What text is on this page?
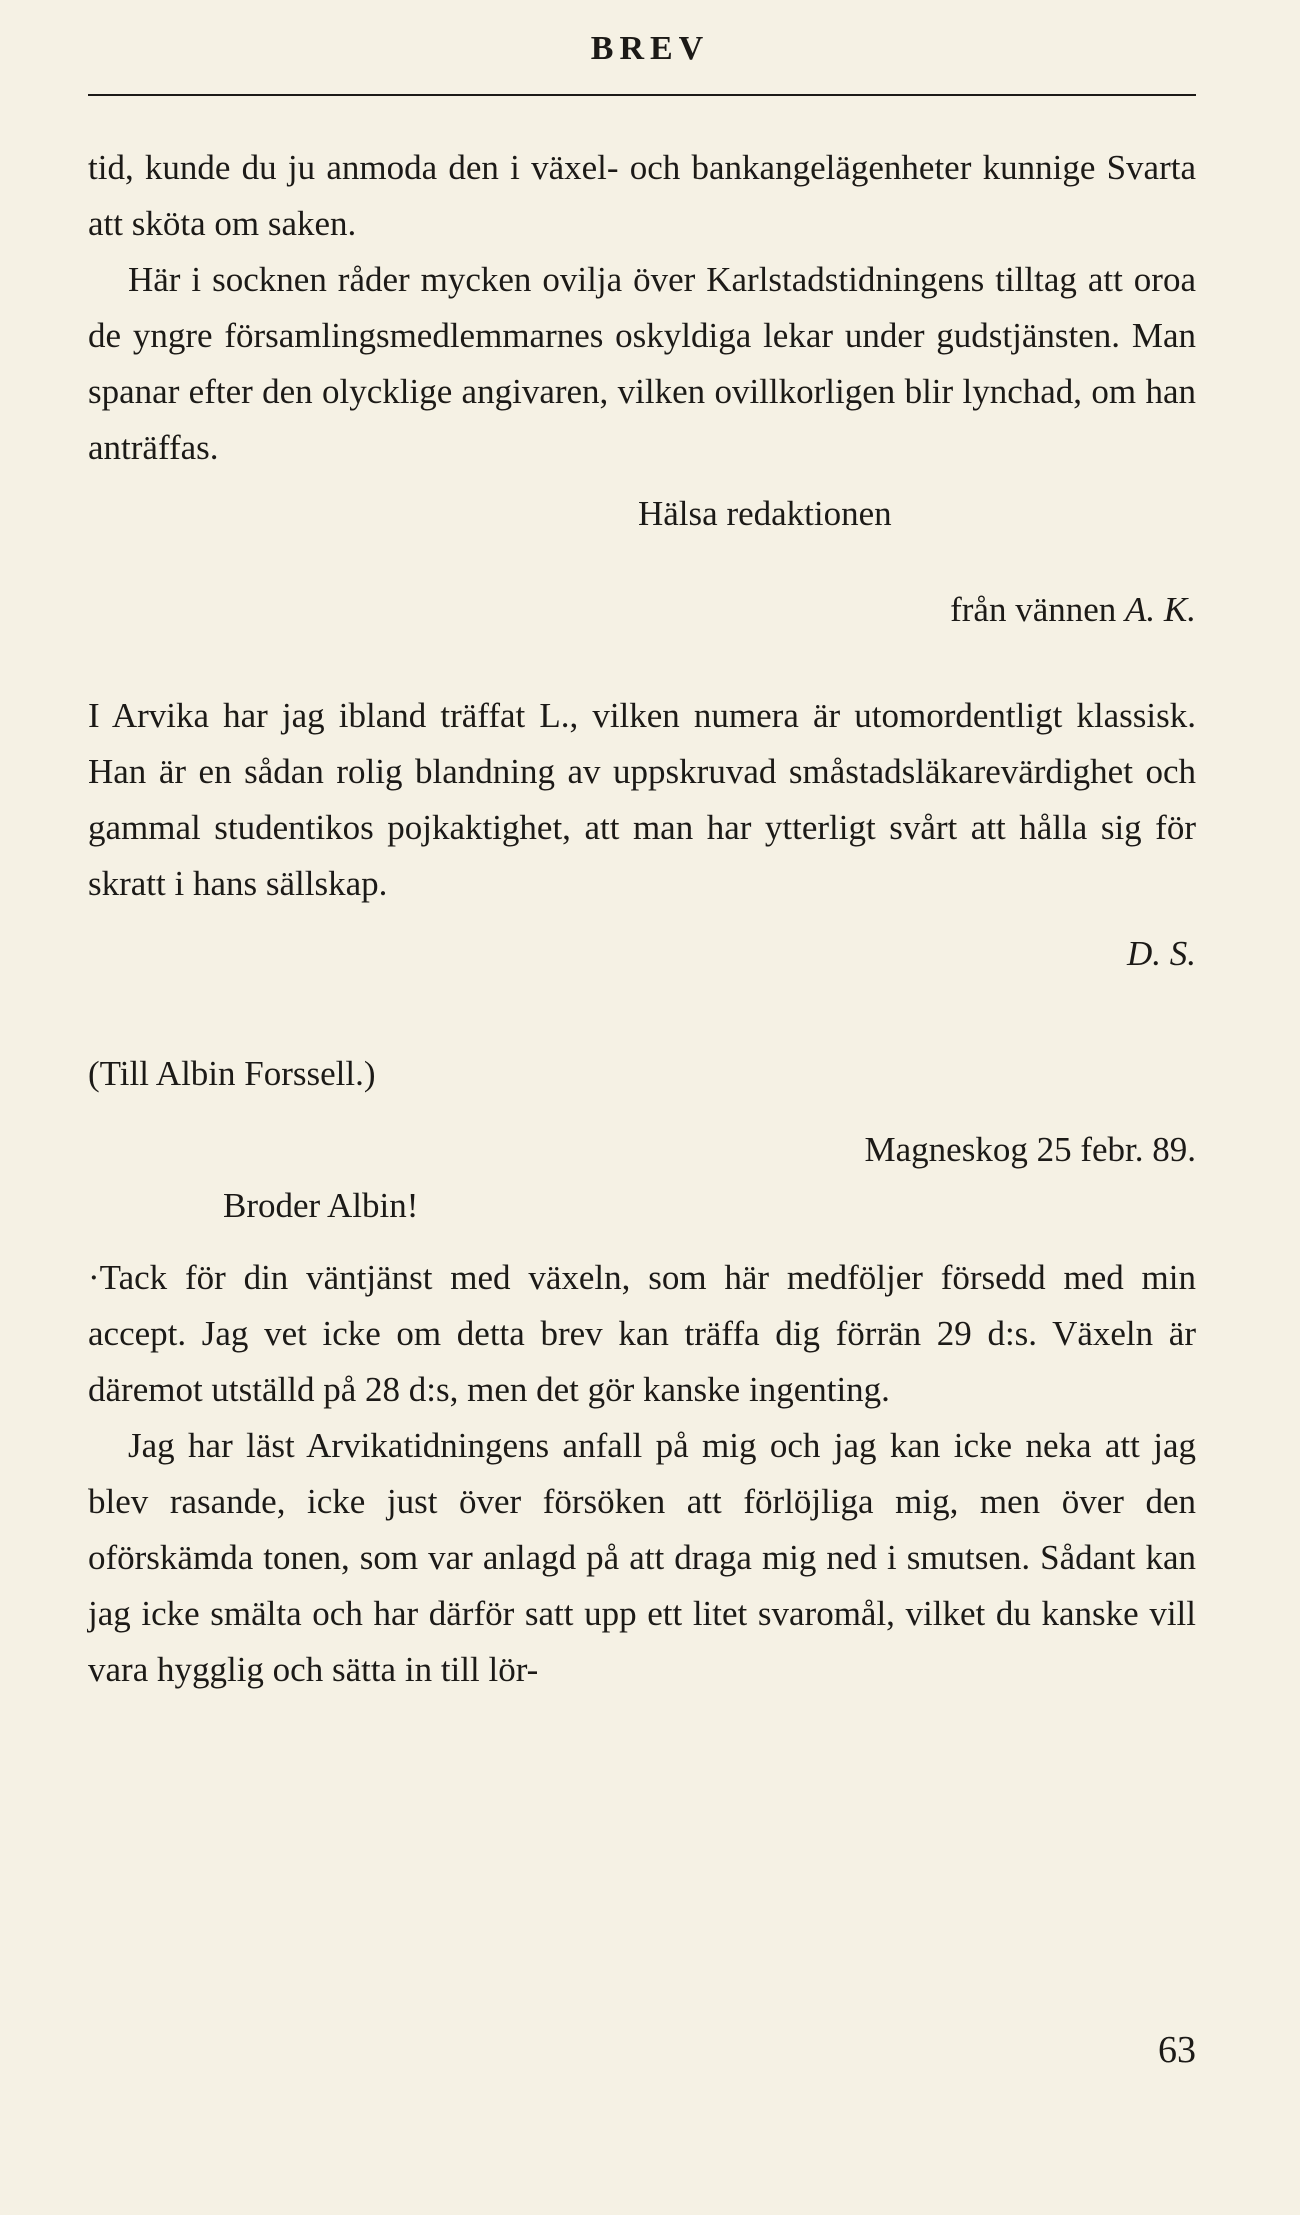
BREV

tid, kunde du ju anmoda den i växel- och bankangelägenheter kunnige Svarta att sköta om saken.

Här i socknen råder mycken ovilja över Karlstadstidningens tilltag att oroa de yngre församlingsmedlemmarnes oskyldiga lekar under gudstjänsten. Man spanar efter den olycklige angivaren, vilken ovillkorligen blir lynchad, om han anträffas.

Hälsa redaktionen

från vännen A. K.

I Arvika har jag ibland träffat L., vilken numera är utomordentligt klassisk. Han är en sådan rolig blandning av uppskruvad småstadsläkarevärdighet och gammal studentikos pojkaktighet, att man har ytterligt svårt att hålla sig för skratt i hans sällskap.

D. S.

(Till Albin Forssell.)

Magneskog 25 febr. 89.

Broder Albin!

·Tack för din väntjänst med växeln, som här medföljer försedd med min accept. Jag vet icke om detta brev kan träffa dig förrän 29 d:s. Växeln är däremot utställd på 28 d:s, men det gör kanske ingenting.

Jag har läst Arvikatidningens anfall på mig och jag kan icke neka att jag blev rasande, icke just över försöken att förlöjliga mig, men över den oförskämda tonen, som var anlagd på att draga mig ned i smutsen. Sådant kan jag icke smälta och har därför satt upp ett litet svaromål, vilket du kanske vill vara hygglig och sätta in till lör-

63
